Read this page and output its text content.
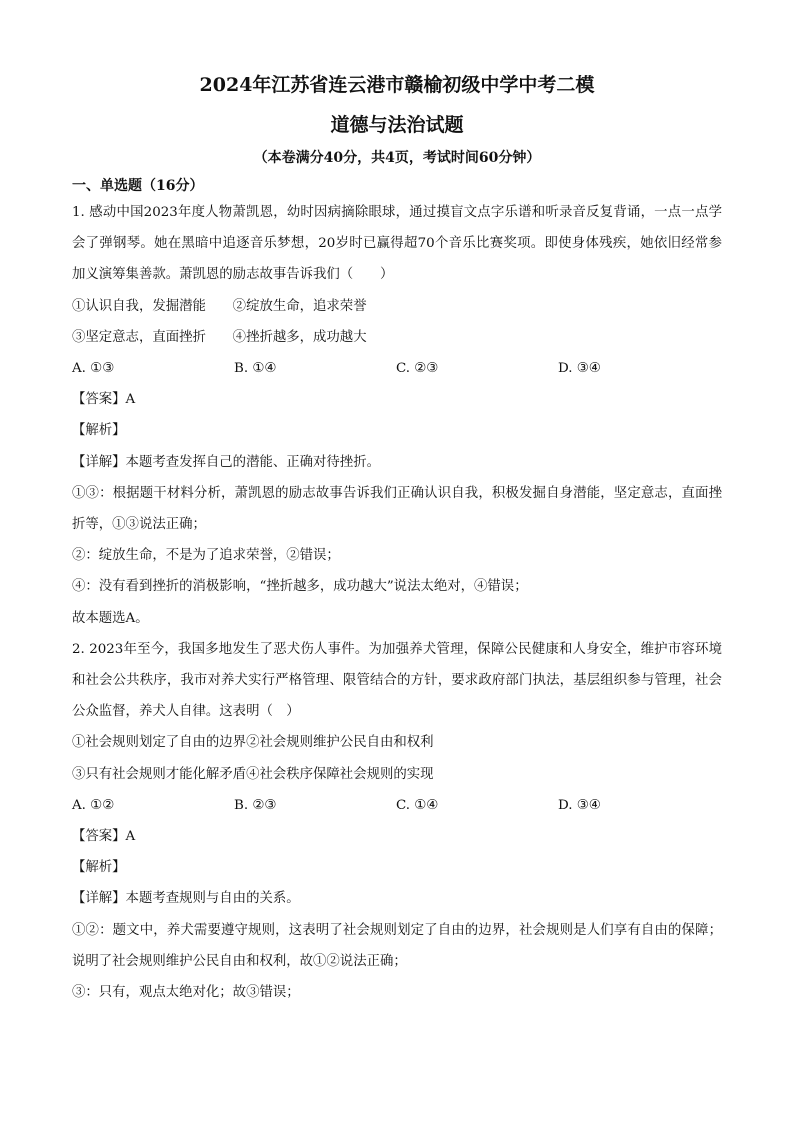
2024年江苏省连云港市赣榆初级中学中考二模
道德与法治试题
（本卷满分40分，共4页，考试时间60分钟）
一、单选题（16分）
1. 感动中国2023年度人物萧凯恩，幼时因病摘除眼球，通过摸盲文点字乐谱和听录音反复背诵，一点一点学会了弹钢琴。她在黑暗中追逐音乐梦想，20岁时已赢得超70个音乐比赛奖项。即使身体残疾，她依旧经常参加义演筹集善款。萧凯恩的励志故事告诉我们（　　）
①认识自我，发掘潜能　　②绽放生命，追求荣誉
③坚定意志，直面挫折　　④挫折越多，成功越大
A. ①③	B. ①④	C. ②③	D. ③④
【答案】A
【解析】
【详解】本题考查发挥自己的潜能、正确对待挫折。
①③：根据题干材料分析，萧凯恩的励志故事告诉我们正确认识自我，积极发掘自身潜能，坚定意志，直面挫折等，①③说法正确；
②：绽放生命，不是为了追求荣誉，②错误；
④：没有看到挫折的消极影响，“挫折越多，成功越大”说法太绝对，④错误；
故本题选A。
2. 2023年至今，我国多地发生了恶犬伤人事件。为加强养犬管理，保障公民健康和人身安全，维护市容环境和社会公共秩序，我市对养犬实行严格管理、限管结合的方针，要求政府部门执法，基层组织参与管理，社会公众监督，养犬人自律。这表明（　）
①社会规则划定了自由的边界②社会规则维护公民自由和权利
③只有社会规则才能化解矛盾④社会秩序保障社会规则的实现
A. ①②	B. ②③	C. ①④	D. ③④
【答案】A
【解析】
【详解】本题考查规则与自由的关系。
①②：题文中，养犬需要遵守规则，这表明了社会规则划定了自由的边界，社会规则是人们享有自由的保障；说明了社会规则维护公民自由和权利，故①②说法正确；
③：只有，观点太绝对化；故③错误；
